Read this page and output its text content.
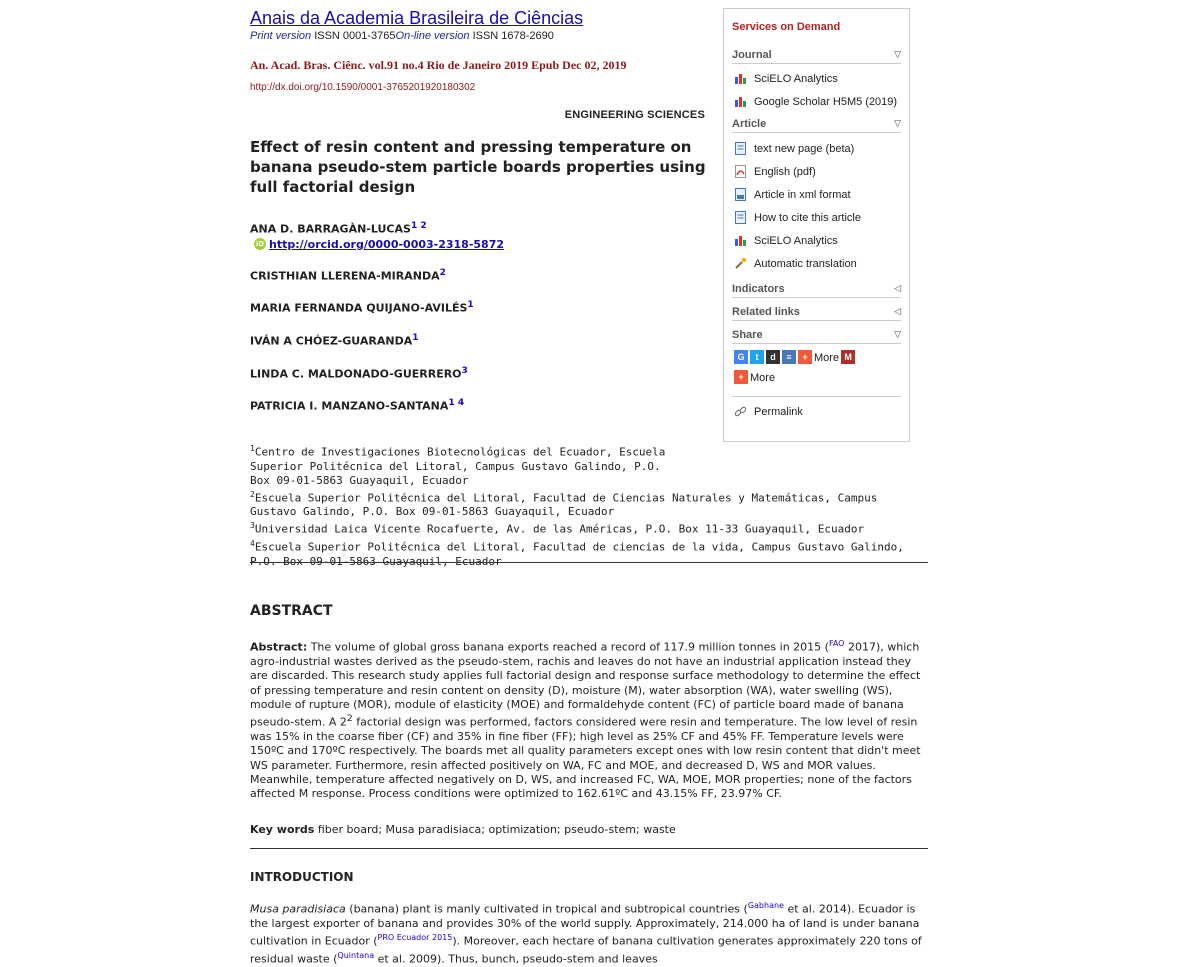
Anais da Academia Brasileira de Ciências
Print version ISSN 0001-3765On-line version ISSN 1678-2690
An. Acad. Bras. Ciênc. vol.91 no.4 Rio de Janeiro 2019 Epub Dec 02, 2019
http://dx.doi.org/10.1590/0001-3765201920180302
ENGINEERING SCIENCES
Effect of resin content and pressing temperature on banana pseudo-stem particle boards properties using full factorial design
ANA D. BARRAGÀN-$LUCAS^{1 2}$
iD http://orcid.org/0000-0003-2318-5872
CRISTHIAN LLERENA-MIRANDA$^2$
MARIA FERNANDA QUIJANO-AVILÉS$^1$
IVÁN A CHÓEZ-GUARANDA$^1$
LINDA C. MALDONADO-GUERRERO$^3$
PATRICIA I. MANZANO-$SANTANA^{1 4}$
$^1$Centro de Investigaciones Biotecnológicas del Ecuador, Escuela Superior Politécnica del Litoral, Campus Gustavo Galindo, P.O. Box 09-01-5863 Guayaquil, Ecuador
$^2$Escuela Superior Politécnica del Litoral, Facultad de Ciencias Naturales y Matemáticas, Campus Gustavo Galindo, P.O. Box 09-01-5863 Guayaquil, Ecuador
$^3$Universidad Laica Vicente Rocafuerte, Av. de las Américas, P.O. Box 11-33 Guayaquil, Ecuador
$^4$Escuela Superior Politécnica del Litoral, Facultad de ciencias de la vida, Campus Gustavo Galindo, P.O. Box 09-01-5863 Guayaquil, Ecuador
ABSTRACT
Abstract: The volume of global gross banana exports reached a record of 117.9 million tonnes in 2015 ($^{FAO}$ 2017), which agro-industrial wastes derived as the pseudo-stem, rachis and leaves do not have an industrial application instead they are discarded. This research study applies full factorial design and response surface methodology to determine the effect of pressing temperature and resin content on density (D), moisture (M), water absorption (WA), water swelling (WS), module of rupture (MOR), module of elasticity (MOE) and formaldehyde content (FC) of particle board made of banana pseudo-stem. A $2^2$ factorial design was performed, factors considered were resin and temperature. The low level of resin was 15% in the coarse fiber (CF) and 35% in fine fiber (FF); high level as 25% CF and 45% FF. Temperature levels were 150ºC and 170ºC respectively. The boards met all quality parameters except ones with low resin content that didn't meet WS parameter. Furthermore, resin affected positively on WA, FC and MOE, and decreased D, WS and MOR values. Meanwhile, temperature affected negatively on D, WS, and increased FC, WA, MOE, MOR properties; none of the factors affected M response. Process conditions were optimized to 162.61ºC and 43.15% FF, 23.97% CF.
Key words fiber board; Musa paradisiaca; optimization; pseudo-stem; waste
INTRODUCTION
Musa paradisiaca (banana) plant is manly cultivated in tropical and subtropical countries ($^{Gabhane}$ et al. 2014). Ecuador is the largest exporter of banana and provides 30% of the world supply. Approximately, 214.000 ha of land is under banana cultivation in Ecuador ($^{PRO Ecuador 2015}$). Moreover, each hectare of banana cultivation generates approximately 220 tons of residual waste ($^{Quintana}$ et al. 2009). Thus, bunch, pseudo-stem and leaves
Services on Demand
Journal	▽
SciELO Analytics
Google Scholar H5M5 (2019)
Article	▽
text new page (beta)
English (pdf)
Article in xml format
How to cite this article
SciELO Analytics
Automatic translation
Indicators	◁
Related links	◁
Share	▽
G	t	d	≡	+ More M
+ More
Permalink
